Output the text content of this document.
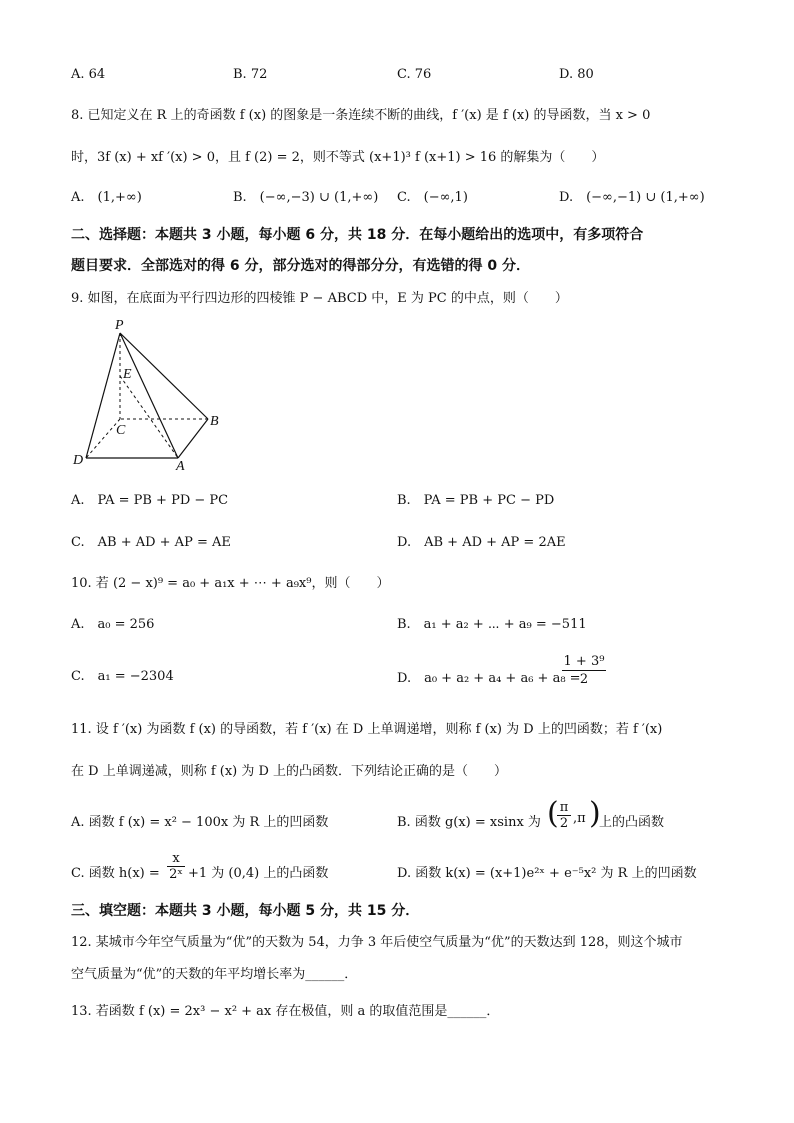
A. 64	B. 72	C. 76	D. 80
8. 已知定义在 R 上的奇函数 f (x) 的图象是一条连续不断的曲线，f ′(x) 是 f (x) 的导函数，当 x > 0
时，3f (x) + xf ′(x) > 0，且 f (2) = 2，则不等式 (x+1)³ f (x+1) > 16 的解集为（　　）
A.　(1,+∞)	B.　(−∞,−3) ∪ (1,+∞) C.　(−∞,1)	D.　(−∞,−1) ∪ (1,+∞)
二、选择题：本题共 3 小题，每小题 6 分，共 18 分．在每小题给出的选项中，有多项符合
题目要求．全部选对的得 6 分，部分选对的得部分分，有选错的得 0 分．
9. 如图，在底面为平行四边形的四棱锥 P − ABCD 中，E 为 PC 的中点，则（　　）
P
E
C
B
D	A
A.　PA = PB + PD − PC	B.　PA = PB + PC − PD
C.　AB + AD + AP = AE	D.　AB + AD + AP = 2AE
10. 若 (2 − x)⁹ = a₀ + a₁x + ⋯ + a₉x⁹，则（　　）
A.　a₀ = 256	B.　a₁ + a₂ + ⋯ + a₉ = −511
C.　a₁ = −2304	D.　a₀ + a₂ + a₄ + a₆ + a₈ =
$\frac{\text{1 + 3⁹}}{2}$
11. 设 f ′(x) 为函数 f (x) 的导函数，若 f ′(x) 在 D 上单调递增，则称 f (x) 为 D 上的凹函数；若 f ′(x)
在 D 上单调递减，则称 f (x) 为 D 上的凸函数．下列结论正确的是（　　）
A. 函数 f (x) = x² − 100x 为 R 上的凹函数	B. 函数 g(x) = xsinx 为 (
$\frac{\pi}{2} ,\pi$ )
上的凸函数
C. 函数 $h(x) = \frac{x}{\text{2ˣ}} +1$ 为 (0,4) 上的凸函数	D. 函数 k(x) = (x+1)e²ˣ + e⁻⁵x² 为 R 上的凹函数
三、填空题：本题共 3 小题，每小题 5 分，共 15 分．
12. 某城市今年空气质量为“优”的天数为 54，力争 3 年后使空气质量为“优”的天数达到 128，则这个城市
空气质量为“优”的天数的年平均增长率为______．
13. 若函数 f (x) = 2x³ − x² + ax 存在极值，则 a 的取值范围是______．
